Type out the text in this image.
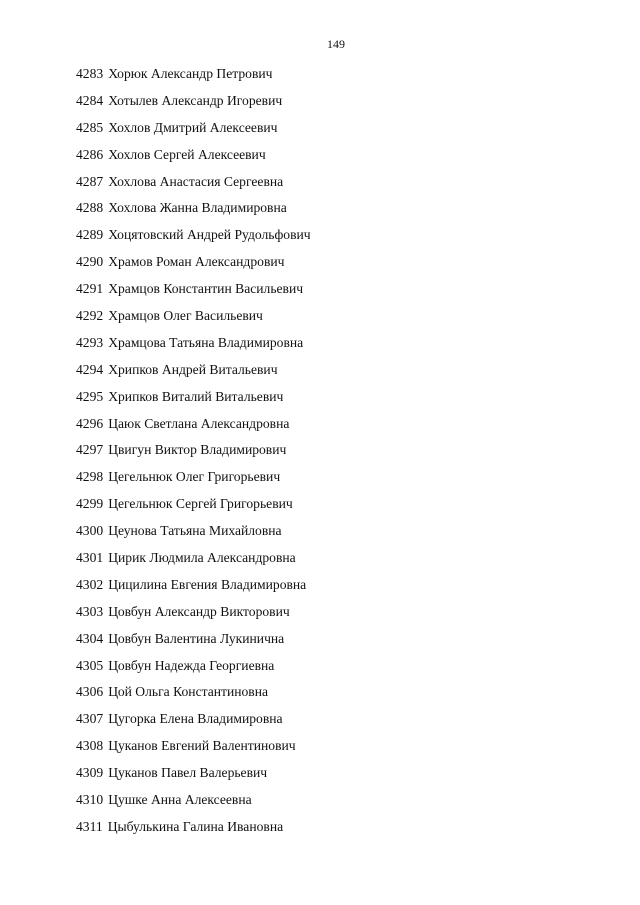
149
4283 Хорюк Александр Петрович
4284 Хотылев Александр Игоревич
4285 Хохлов Дмитрий Алексеевич
4286 Хохлов Сергей Алексеевич
4287 Хохлова Анастасия Сергеевна
4288 Хохлова Жанна Владимировна
4289 Хоцятовский Андрей Рудольфович
4290 Храмов Роман Александрович
4291 Храмцов Константин Васильевич
4292 Храмцов Олег Васильевич
4293 Храмцова Татьяна Владимировна
4294 Хрипков Андрей Витальевич
4295 Хрипков Виталий Витальевич
4296 Цаюк Светлана Александровна
4297 Цвигун Виктор Владимирович
4298 Цегельнюк Олег Григорьевич
4299 Цегельнюк Сергей Григорьевич
4300 Цеунова Татьяна Михайловна
4301 Цирик Людмила Александровна
4302 Цицилина Евгения Владимировна
4303 Цовбун Александр Викторович
4304 Цовбун Валентина Лукинична
4305 Цовбун Надежда Георгиевна
4306 Цой Ольга Константиновна
4307 Цугорка Елена Владимировна
4308 Цуканов Евгений Валентинович
4309 Цуканов Павел Валерьевич
4310 Цушке Анна Алексеевна
4311 Цыбулькина Галина Ивановна
